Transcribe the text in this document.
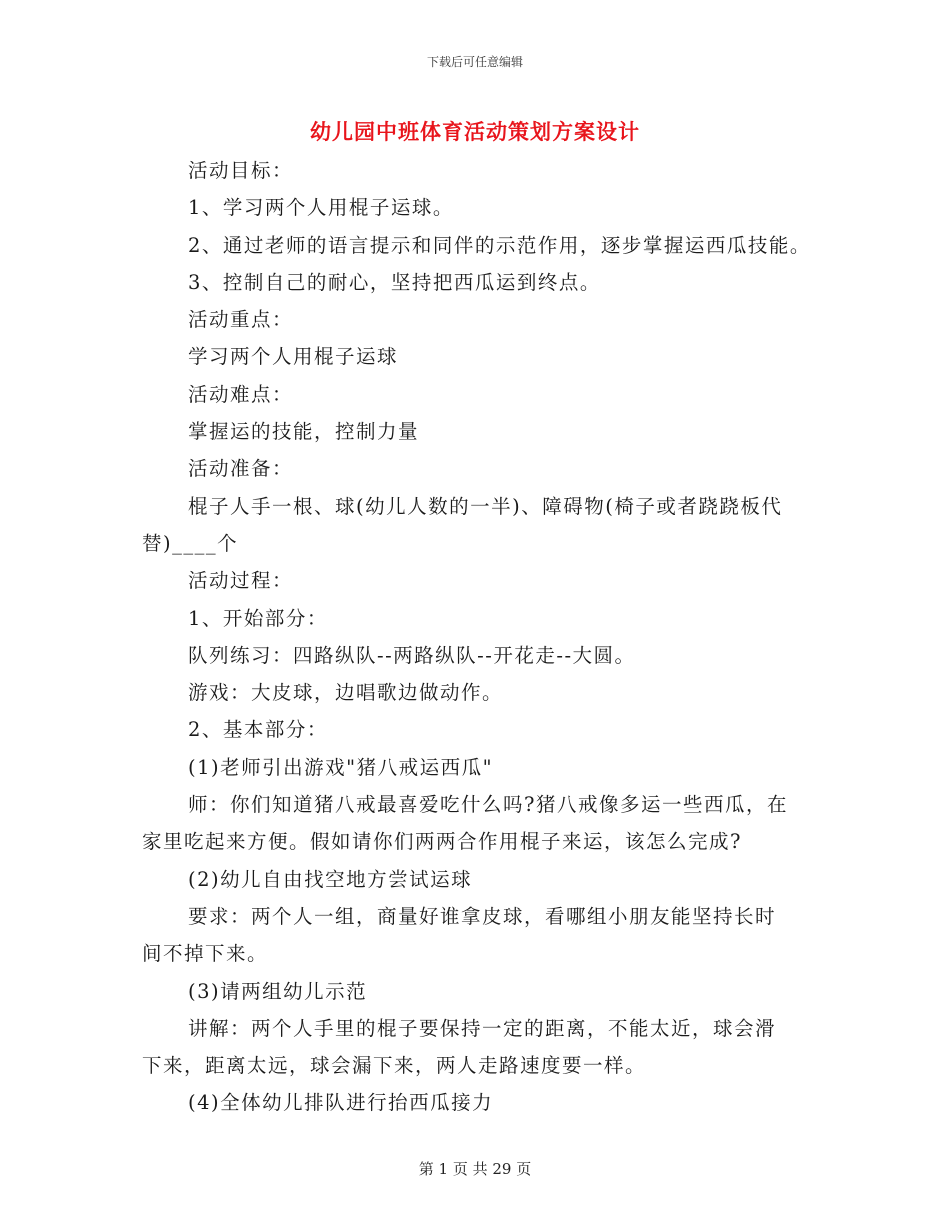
下载后可任意编辑
幼儿园中班体育活动策划方案设计
活动目标：
1、学习两个人用棍子运球。
2、通过老师的语言提示和同伴的示范作用，逐步掌握运西瓜技能。
3、控制自己的耐心，坚持把西瓜运到终点。
活动重点：
学习两个人用棍子运球
活动难点：
掌握运的技能，控制力量
活动准备：
棍子人手一根、球(幼儿人数的一半)、障碍物(椅子或者跷跷板代
替)____个
活动过程：
1、开始部分：
队列练习：四路纵队--两路纵队--开花走--大圆。
游戏：大皮球，边唱歌边做动作。
2、基本部分：
(1)老师引出游戏"猪八戒运西瓜"
师：你们知道猪八戒最喜爱吃什么吗?猪八戒像多运一些西瓜，在
家里吃起来方便。假如请你们两两合作用棍子来运，该怎么完成?
(2)幼儿自由找空地方尝试运球
要求：两个人一组，商量好谁拿皮球，看哪组小朋友能坚持长时
间不掉下来。
(3)请两组幼儿示范
讲解：两个人手里的棍子要保持一定的距离，不能太近，球会滑
下来，距离太远，球会漏下来，两人走路速度要一样。
(4)全体幼儿排队进行抬西瓜接力
第 1 页 共 29 页
